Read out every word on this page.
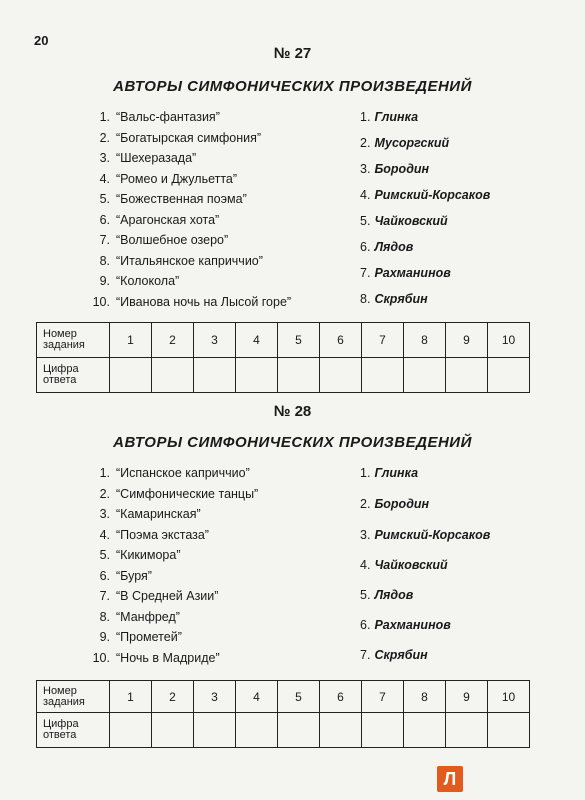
20
№ 27
АВТОРЫ СИМФОНИЧЕСКИХ ПРОИЗВЕДЕНИЙ
1. “Вальс-фантазия”
2. “Богатырская симфония”
3. “Шехеразада”
4. “Ромео и Джульетта”
5. “Божественная поэма”
6. “Арагонская хота”
7. “Волшебное озеро”
8. “Итальянское каприччио”
9. “Колокола”
10. “Иванова ночь на Лысой горе”
1. Глинка
2. Мусоргский
3. Бородин
4. Римский-Корсаков
5. Чайковский
6. Лядов
7. Рахманинов
8. Скрябин
Номер задания	1	2	3	4	5	6	7	8	9	10
Цифра ответа										
№ 28
АВТОРЫ СИМФОНИЧЕСКИХ ПРОИЗВЕДЕНИЙ
1. “Испанское каприччио”
2. “Симфонические танцы”
3. “Камаринская”
4. “Поэма экстаза”
5. “Кикимора”
6. “Буря”
7. “В Средней Азии”
8. “Манфред”
9. “Прометей”
10. “Ночь в Мадриде”
1. Глинка
2. Бородин
3. Римский-Корсаков
4. Чайковский
5. Лядов
6. Рахманинов
7. Скрябин
Номер задания	1	2	3	4	5	6	7	8	9	10
Цифра ответа										
Л
